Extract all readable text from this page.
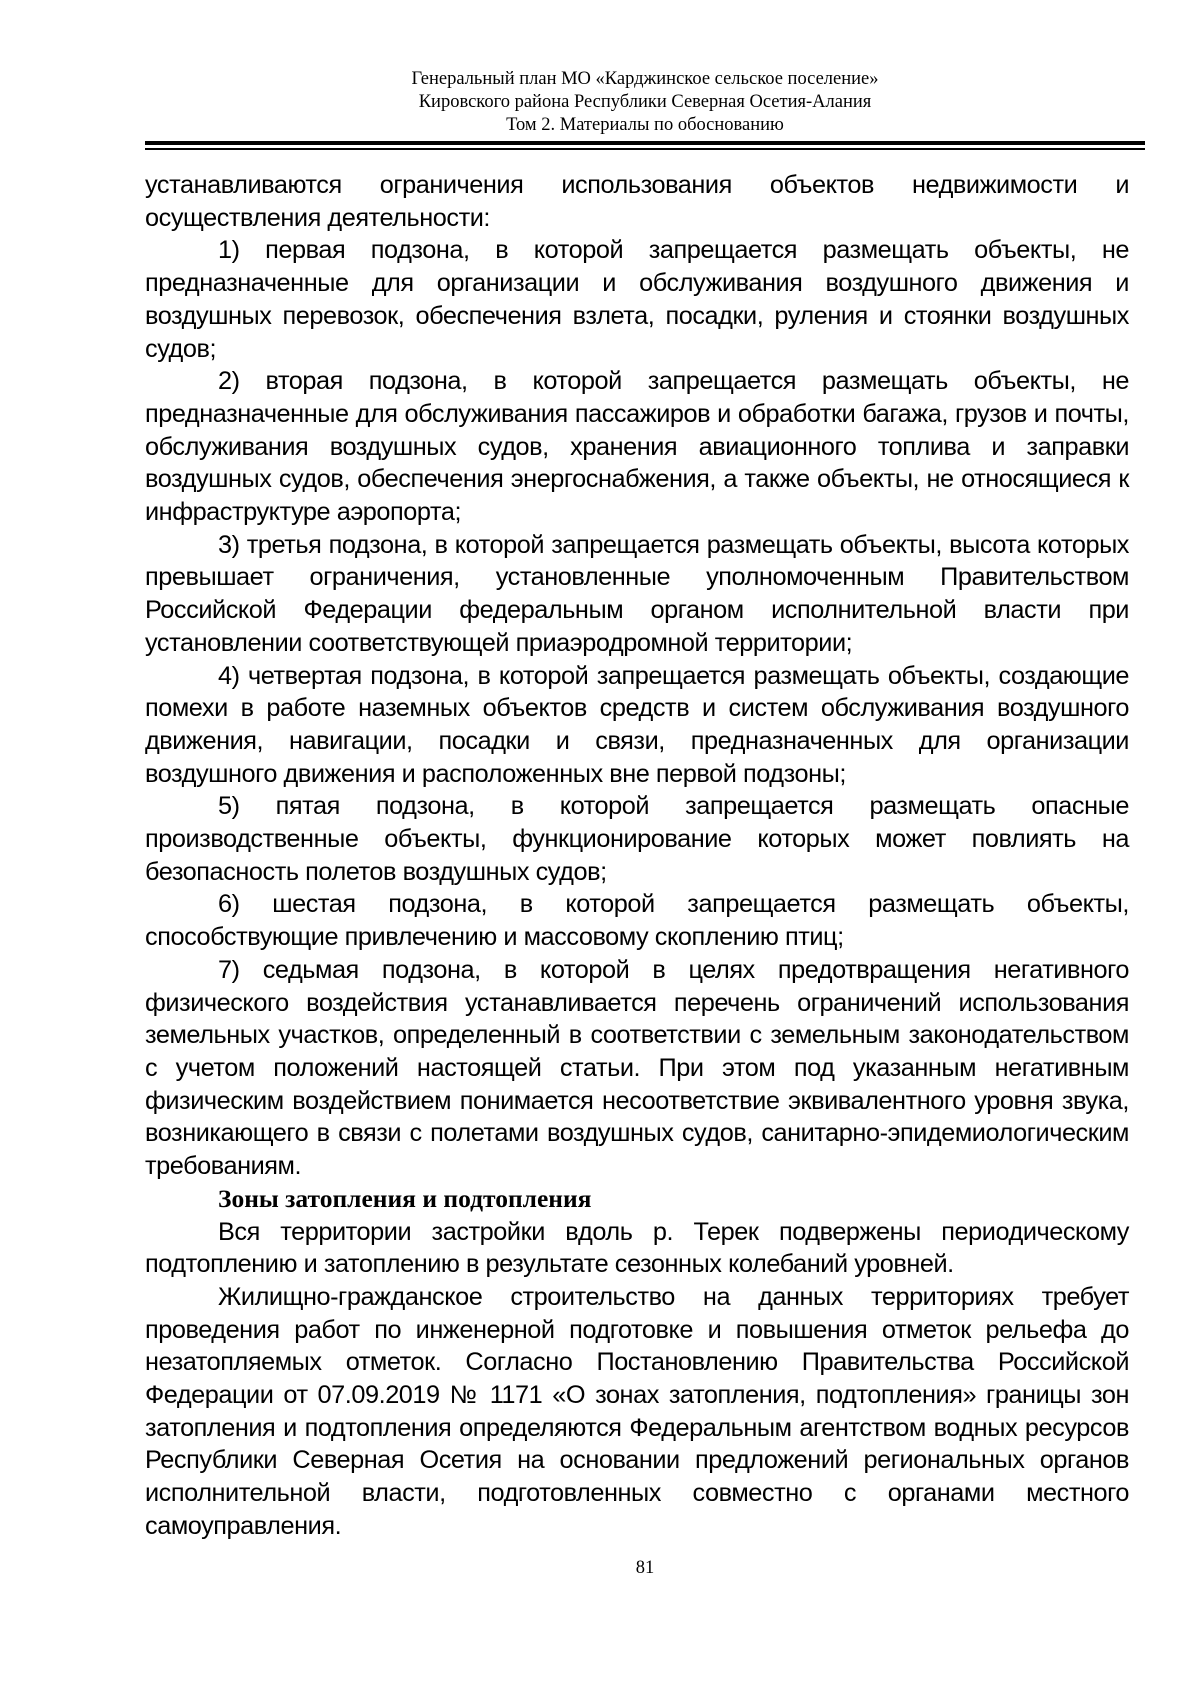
Генеральный план МО «Карджинское сельское поселение»
Кировского района Республики Северная Осетия-Алания
Том 2. Материалы по обоснованию

устанавливаются ограничения использования объектов недвижимости и осуществления деятельности:

1) первая подзона, в которой запрещается размещать объекты, не предназначенные для организации и обслуживания воздушного движения и воздушных перевозок, обеспечения взлета, посадки, руления и стоянки воздушных судов;

2) вторая подзона, в которой запрещается размещать объекты, не предназначенные для обслуживания пассажиров и обработки багажа, грузов и почты, обслуживания воздушных судов, хранения авиационного топлива и заправки воздушных судов, обеспечения энергоснабжения, а также объекты, не относящиеся к инфраструктуре аэропорта;

3) третья подзона, в которой запрещается размещать объекты, высота которых превышает ограничения, установленные уполномоченным Правительством Российской Федерации федеральным органом исполнительной власти при установлении соответствующей приаэродромной территории;

4) четвертая подзона, в которой запрещается размещать объекты, создающие помехи в работе наземных объектов средств и систем обслуживания воздушного движения, навигации, посадки и связи, предназначенных для организации воздушного движения и расположенных вне первой подзоны;

5) пятая подзона, в которой запрещается размещать опасные производственные объекты, функционирование которых может повлиять на безопасность полетов воздушных судов;

6) шестая подзона, в которой запрещается размещать объекты, способствующие привлечению и массовому скоплению птиц;

7) седьмая подзона, в которой в целях предотвращения негативного физического воздействия устанавливается перечень ограничений использования земельных участков, определенный в соответствии с земельным законодательством с учетом положений настоящей статьи. При этом под указанным негативным физическим воздействием понимается несоответствие эквивалентного уровня звука, возникающего в связи с полетами воздушных судов, санитарно-эпидемиологическим требованиям.

Зоны затопления и подтопления

Вся территории застройки вдоль р. Терек подвержены периодическому подтоплению и затоплению в результате сезонных колебаний уровней.

Жилищно-гражданское строительство на данных территориях требует проведения работ по инженерной подготовке и повышения отметок рельефа до незатопляемых отметок. Согласно Постановлению Правительства Российской Федерации от 07.09.2019 № 1171 «О зонах затопления, подтопления» границы зон затопления и подтопления определяются Федеральным агентством водных ресурсов Республики Северная Осетия на основании предложений региональных органов исполнительной власти, подготовленных совместно с органами местного самоуправления.

81
